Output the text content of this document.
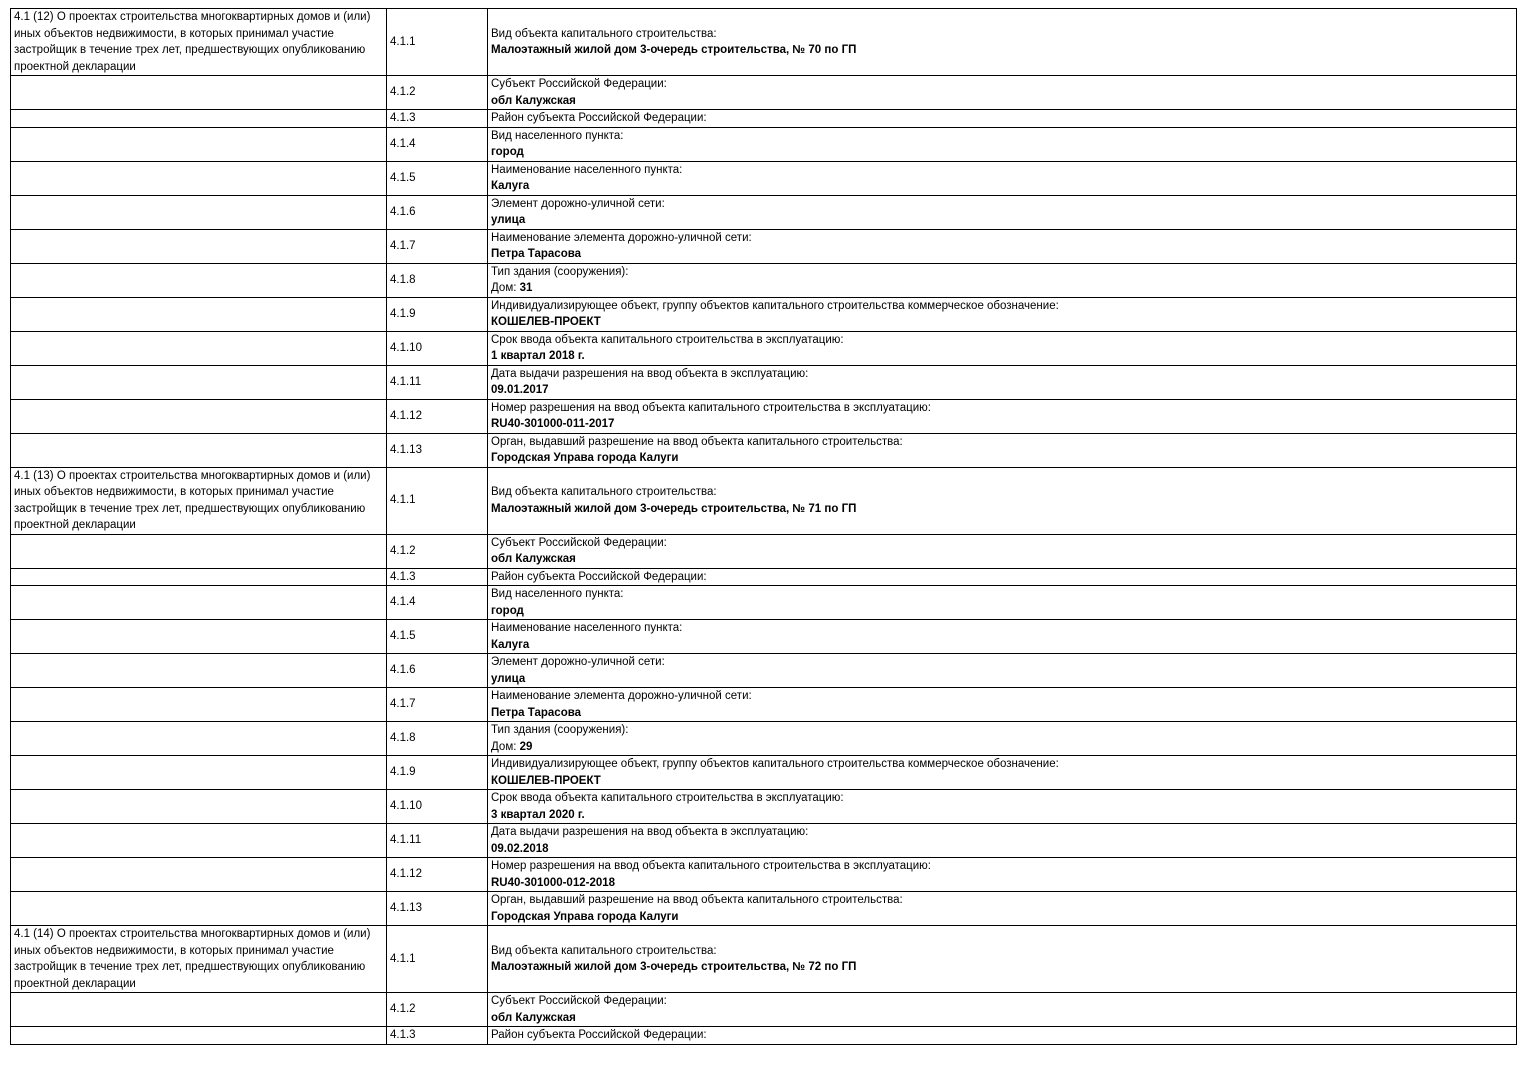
4.1 (12) О проектах строительства многоквартирных домов и (или) иных объектов недвижимости, в которых принимал участие застройщик в течение трех лет, предшествующих опубликованию проектной декларации	4.1.1	Вид объекта капитального строительства:
Малоэтажный жилой дом 3-очередь строительства, № 70 по ГП

	4.1.2	Субъект Российской Федерации:
обл Калужская

	4.1.3	Район субъекта Российской Федерации:

	4.1.4	Вид населенного пункта:
город

	4.1.5	Наименование населенного пункта:
Калуга

	4.1.6	Элемент дорожно-уличной сети:
улица

	4.1.7	Наименование элемента дорожно-уличной сети:
Петра Тарасова

	4.1.8	Тип здания (сооружения):
Дом: 31

	4.1.9	Индивидуализирующее объект, группу объектов капитального строительства коммерческое обозначение:
КОШЕЛЕВ-ПРОЕКТ

	4.1.10	Срок ввода объекта капитального строительства в эксплуатацию:
1 квартал 2018 г.

	4.1.11	Дата выдачи разрешения на ввод объекта в эксплуатацию:
09.01.2017

	4.1.12	Номер разрешения на ввод объекта капитального строительства в эксплуатацию:
RU40-301000-011-2017

	4.1.13	Орган, выдавший разрешение на ввод объекта капитального строительства:
Городская Управа города Калуги

4.1 (13) О проектах строительства многоквартирных домов и (или) иных объектов недвижимости, в которых принимал участие застройщик в течение трех лет, предшествующих опубликованию проектной декларации	4.1.1	Вид объекта капитального строительства:
Малоэтажный жилой дом 3-очередь строительства, № 71 по ГП

	4.1.2	Субъект Российской Федерации:
обл Калужская

	4.1.3	Район субъекта Российской Федерации:

	4.1.4	Вид населенного пункта:
город

	4.1.5	Наименование населенного пункта:
Калуга

	4.1.6	Элемент дорожно-уличной сети:
улица

	4.1.7	Наименование элемента дорожно-уличной сети:
Петра Тарасова

	4.1.8	Тип здания (сооружения):
Дом: 29

	4.1.9	Индивидуализирующее объект, группу объектов капитального строительства коммерческое обозначение:
КОШЕЛЕВ-ПРОЕКТ

	4.1.10	Срок ввода объекта капитального строительства в эксплуатацию:
3 квартал 2020 г.

	4.1.11	Дата выдачи разрешения на ввод объекта в эксплуатацию:
09.02.2018

	4.1.12	Номер разрешения на ввод объекта капитального строительства в эксплуатацию:
RU40-301000-012-2018

	4.1.13	Орган, выдавший разрешение на ввод объекта капитального строительства:
Городская Управа города Калуги

4.1 (14) О проектах строительства многоквартирных домов и (или) иных объектов недвижимости, в которых принимал участие застройщик в течение трех лет, предшествующих опубликованию проектной декларации	4.1.1	Вид объекта капитального строительства:
Малоэтажный жилой дом 3-очередь строительства, № 72 по ГП

	4.1.2	Субъект Российской Федерации:
обл Калужская

	4.1.3	Район субъекта Российской Федерации:
